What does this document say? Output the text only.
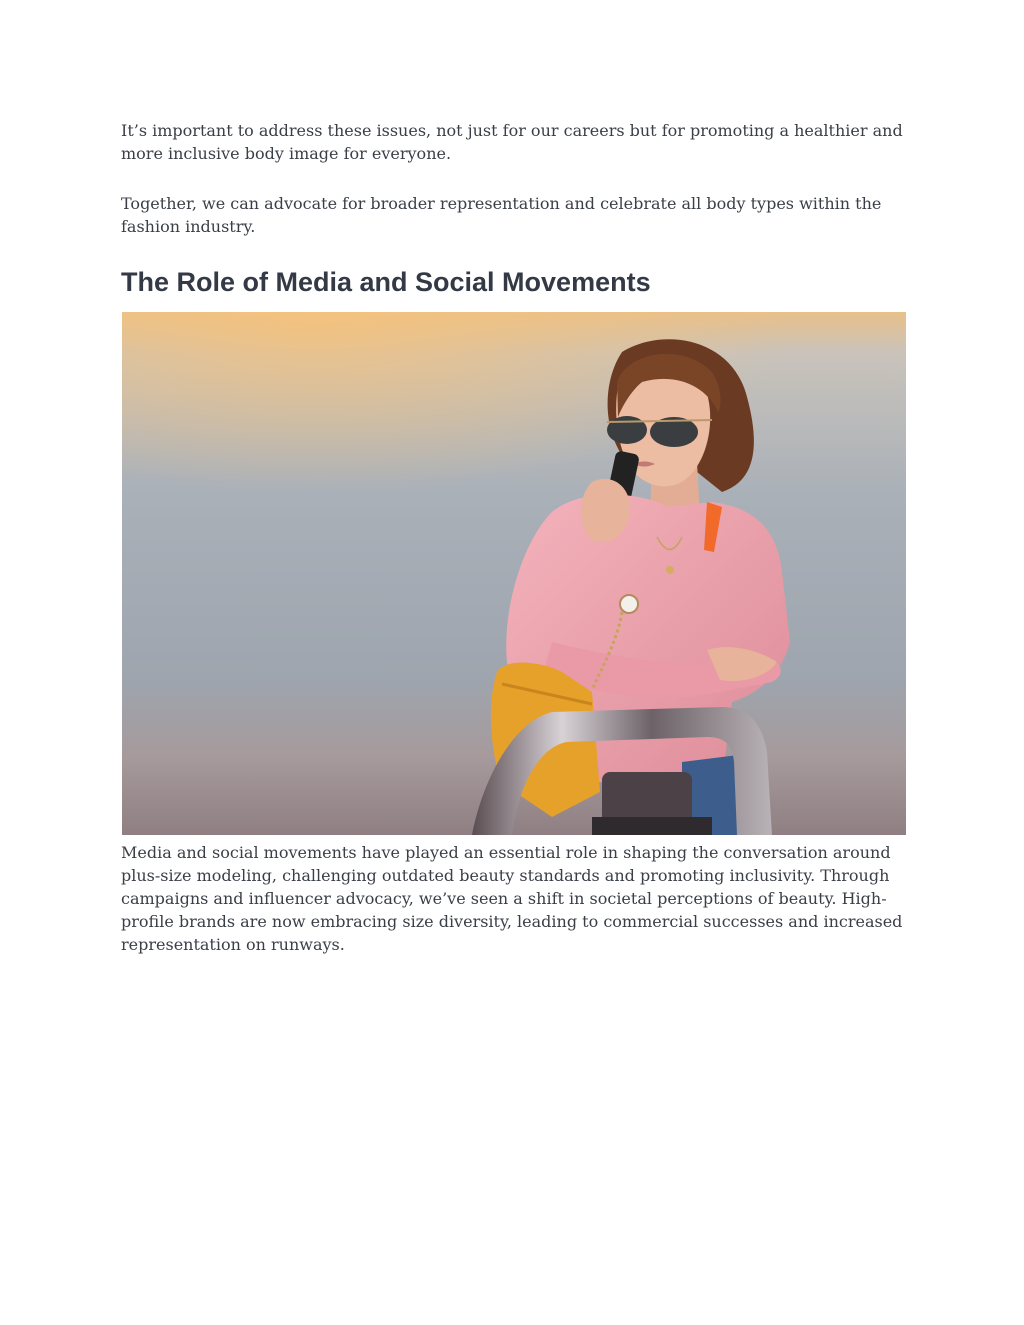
It’s important to address these issues, not just for our careers but for promoting a healthier and more inclusive body image for everyone.

Together, we can advocate for broader representation and celebrate all body types within the fashion industry.

The Role of Media and Social Movements

Media and social movements have played an essential role in shaping the conversation around plus-size modeling, challenging outdated beauty standards and promoting inclusivity. Through campaigns and influencer advocacy, we’ve seen a shift in societal perceptions of beauty. High-profile brands are now embracing size diversity, leading to commercial successes and increased representation on runways.
